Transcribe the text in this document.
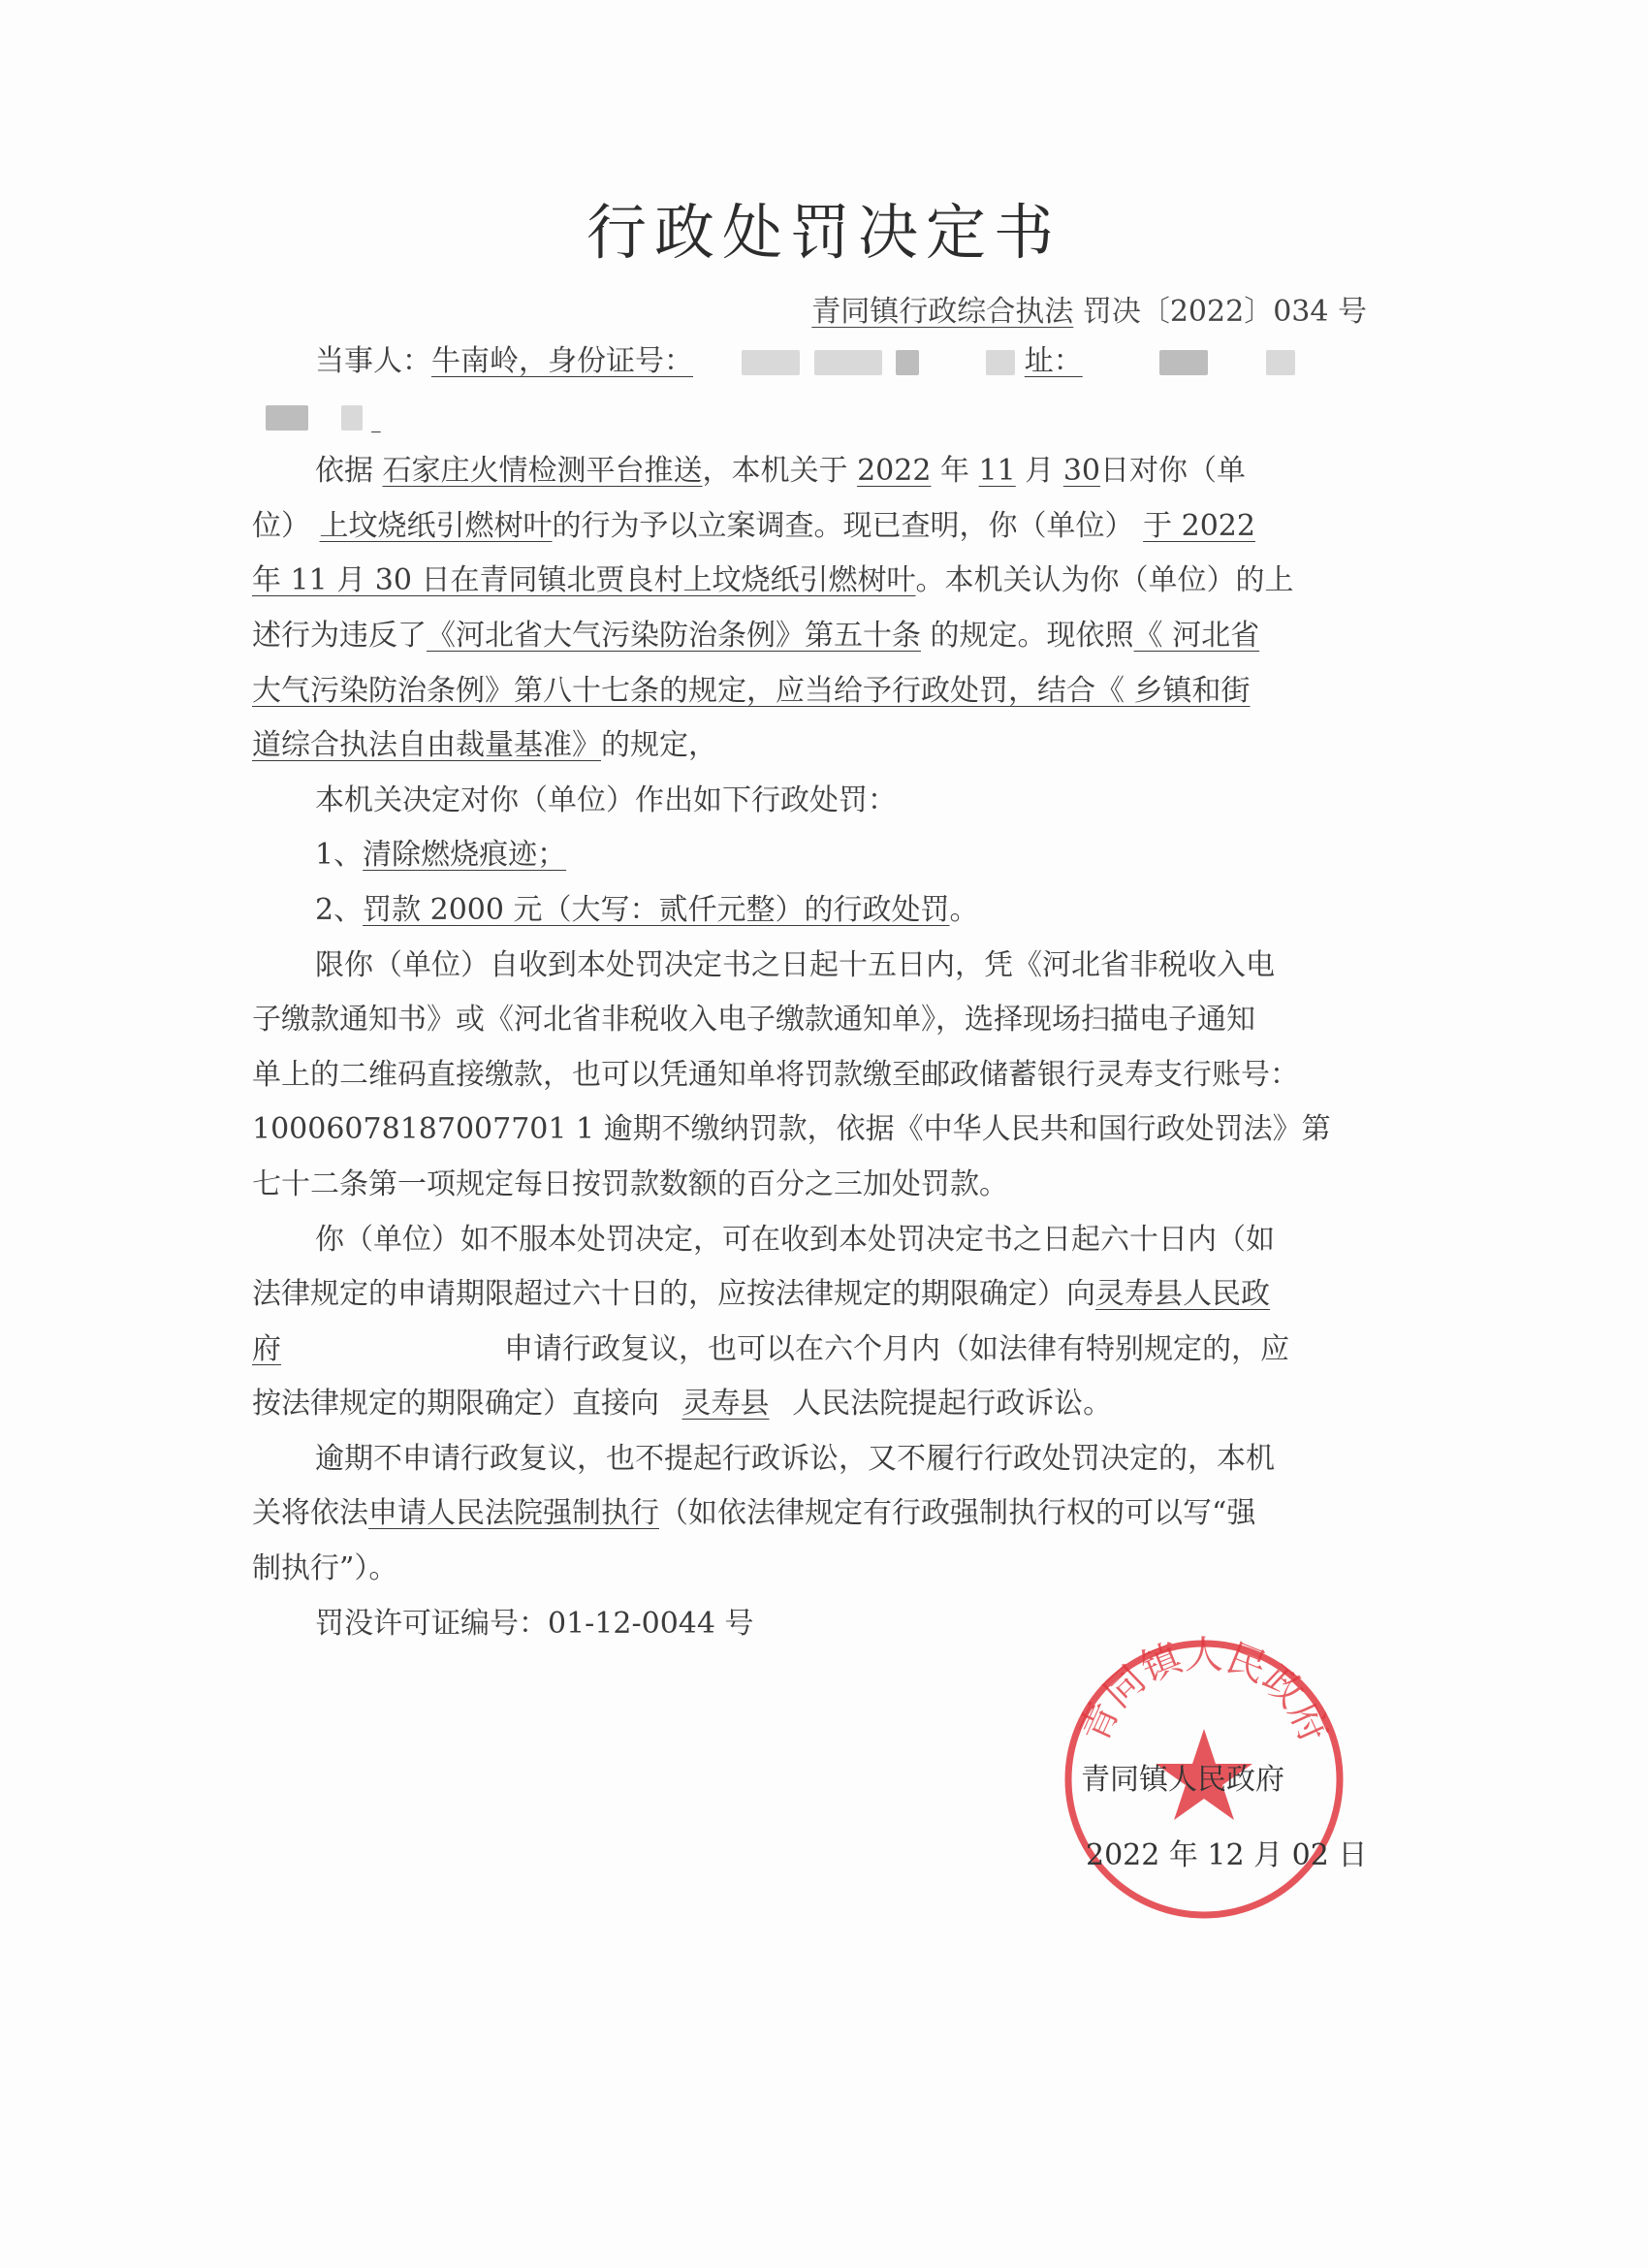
行政处罚决定书
青同镇行政综合执法 罚决〔2022〕034 号
当事人：牛南岭，身份证号：	址：

依据 石家庄火情检测平台推送，本机关于 2022 年 11 月 30日对你（单
位） 上坟烧纸引燃树叶的行为予以立案调查。现已查明，你（单位） 于 2022
年 11 月 30 日在青同镇北贾良村上坟烧纸引燃树叶。本机关认为你（单位）的上
述行为违反了《河北省大气污染防治条例》第五十条 的规定。现依照《 河北省
大气污染防治条例》第八十七条的规定，应当给予行政处罚，结合《 乡镇和街
道综合执法自由裁量基准》的规定，
本机关决定对你（单位）作出如下行政处罚：
1、清除燃烧痕迹；
2、罚款 2000 元（大写：贰仟元整）的行政处罚。
限你（单位）自收到本处罚决定书之日起十五日内，凭《河北省非税收入电
子缴款通知书》或《河北省非税收入电子缴款通知单》，选择现场扫描电子通知
单上的二维码直接缴款，也可以凭通知单将罚款缴至邮政储蓄银行灵寿支行账号：
10006078187007701 1 逾期不缴纳罚款，依据《中华人民共和国行政处罚法》第
七十二条第一项规定每日按罚款数额的百分之三加处罚款。
你（单位）如不服本处罚决定，可在收到本处罚决定书之日起六十日内（如
法律规定的申请期限超过六十日的，应按法律规定的期限确定）向灵寿县人民政
府	申请行政复议，也可以在六个月内（如法律有特别规定的，应
按法律规定的期限确定）直接向 灵寿县 人民法院提起行政诉讼。
逾期不申请行政复议，也不提起行政诉讼，又不履行行政处罚决定的，本机
关将依法申请人民法院强制执行（如依法律规定有行政强制执行权的可以写“强
制执行”）。
罚没许可证编号：01-12-0044 号
青同镇人民政府
青同镇人民政府
2022 年 12 月 02 日
